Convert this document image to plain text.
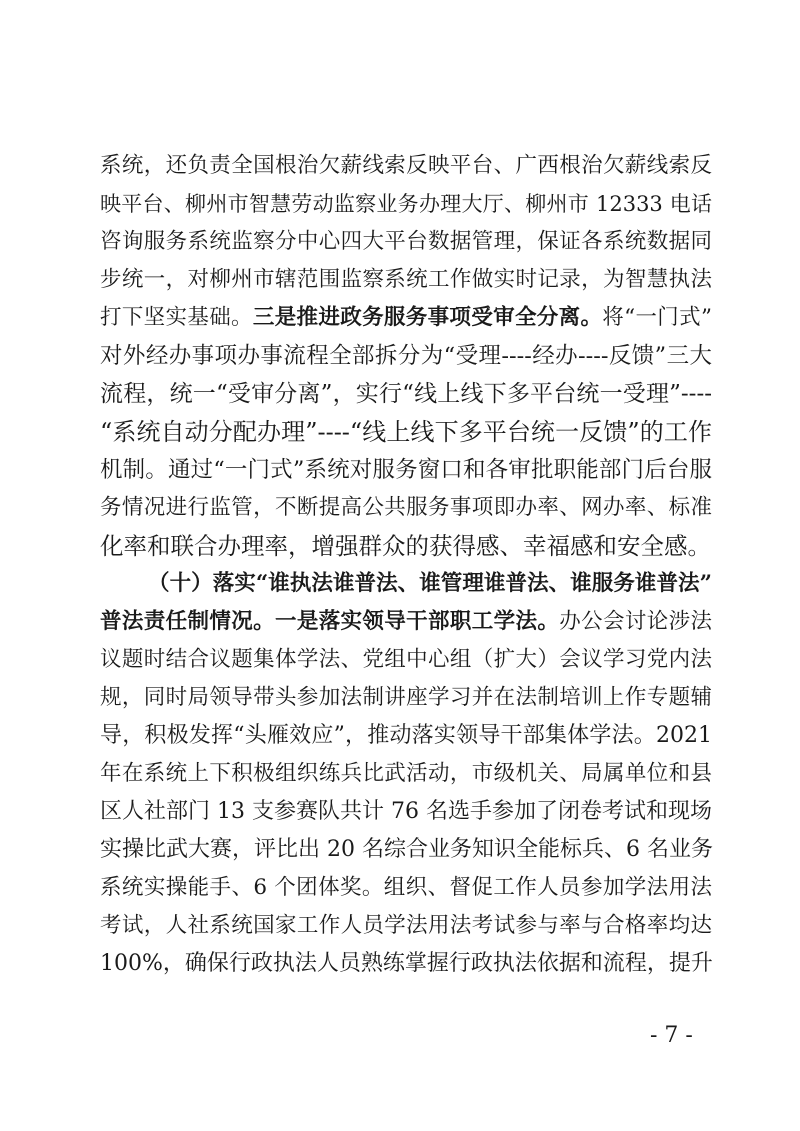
系统，还负责全国根治欠薪线索反映平台、广西根治欠薪线索反
映平台、柳州市智慧劳动监察业务办理大厅、柳州市 12333 电话
咨询服务系统监察分中心四大平台数据管理，保证各系统数据同
步统一，对柳州市辖范围监察系统工作做实时记录，为智慧执法
打下坚实基础。三是推进政务服务事项受审全分离。将“一门式”
对外经办事项办事流程全部拆分为“受理----经办----反馈”三大
流程，统一“受审分离”，实行“线上线下多平台统一受理”----
“系统自动分配办理”----“线上线下多平台统一反馈”的工作
机制。通过“一门式”系统对服务窗口和各审批职能部门后台服
务情况进行监管，不断提高公共服务事项即办率、网办率、标准
化率和联合办理率，增强群众的获得感、幸福感和安全感。
（十）落实“谁执法谁普法、谁管理谁普法、谁服务谁普法”
普法责任制情况。一是落实领导干部职工学法。办公会讨论涉法
议题时结合议题集体学法、党组中心组（扩大）会议学习党内法
规，同时局领导带头参加法制讲座学习并在法制培训上作专题辅
导，积极发挥“头雁效应”，推动落实领导干部集体学法。2021
年在系统上下积极组织练兵比武活动，市级机关、局属单位和县
区人社部门 13 支参赛队共计 76 名选手参加了闭卷考试和现场
实操比武大赛，评比出 20 名综合业务知识全能标兵、6 名业务
系统实操能手、6 个团体奖。组织、督促工作人员参加学法用法
考试，人社系统国家工作人员学法用法考试参与率与合格率均达
100%，确保行政执法人员熟练掌握行政执法依据和流程，提升
- 7 -
